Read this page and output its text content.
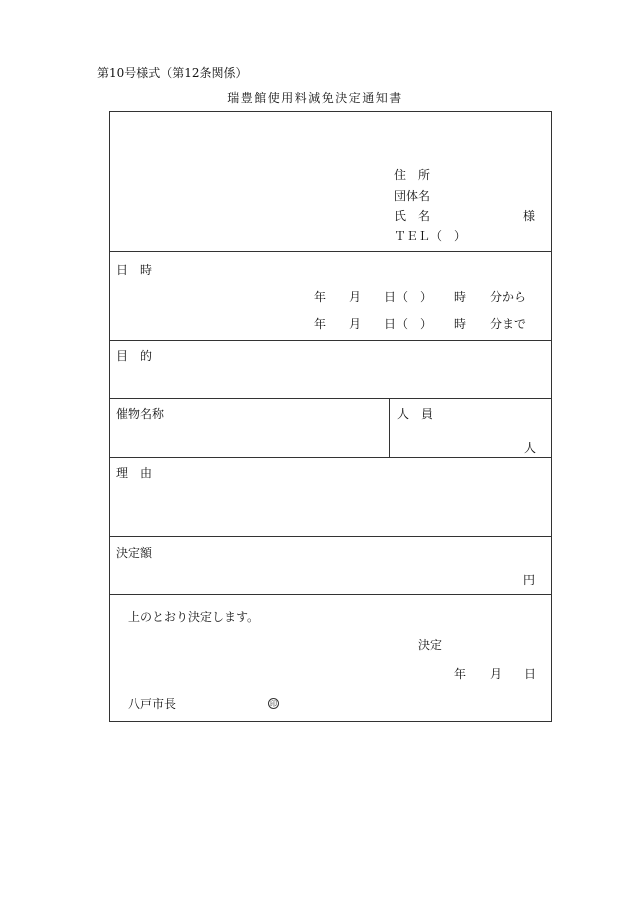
第10号様式（第12条関係）
瑞豊館使用料減免決定通知書
住　所
団体名
氏　名	様
ＴＥＬ（　）
日　時
年 月 日（　） 時 分から
年 月 日（　） 時 分まで
目　的
催物名称	人　員
人
理　由
決定額
円
上のとおり決定します。
決定
年 月 日
八戸市長	印
